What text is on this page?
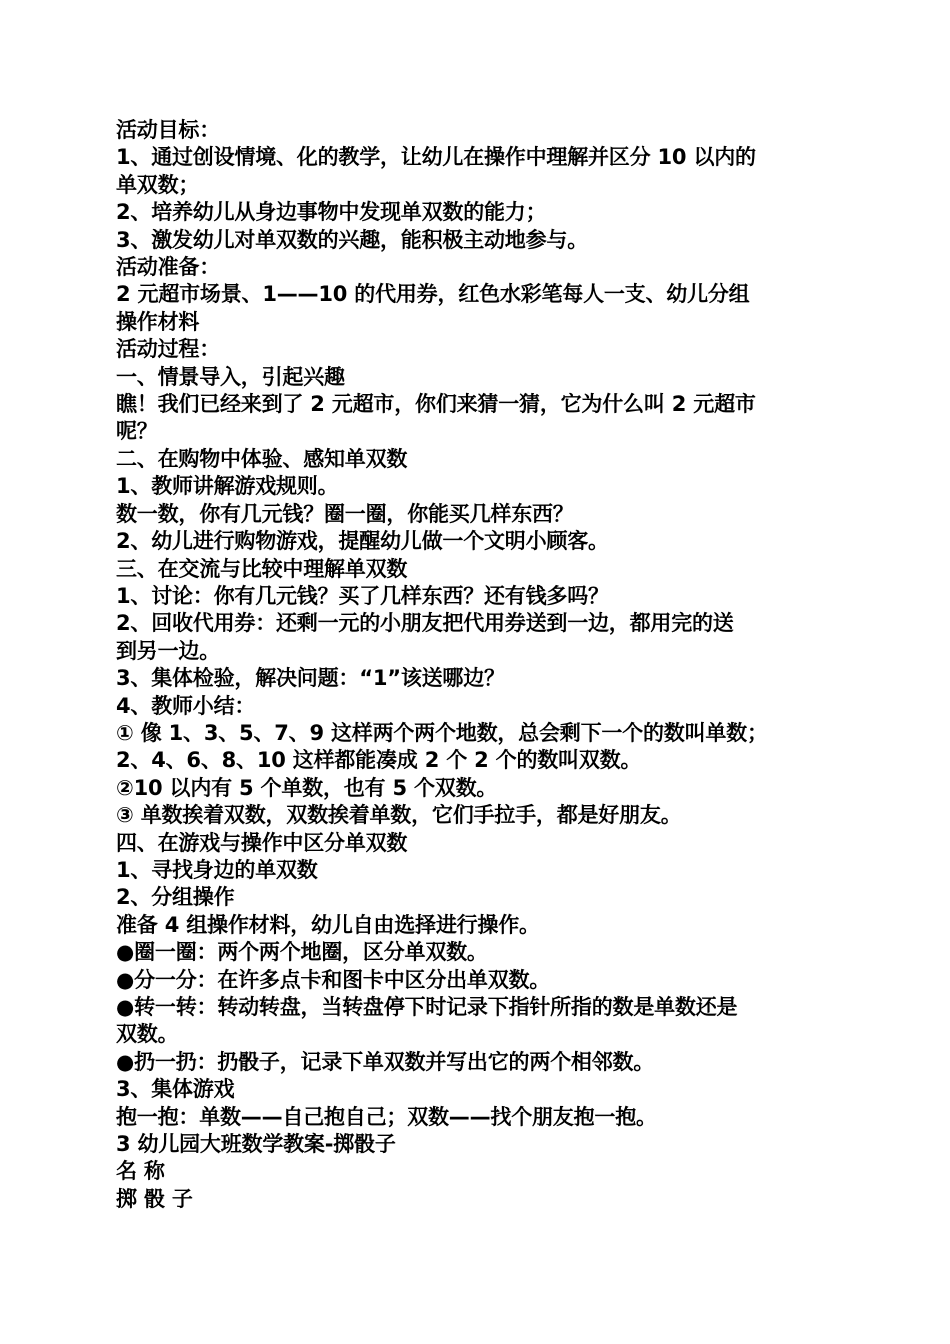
活动目标：

1、通过创设情境、化的教学，让幼儿在操作中理解并区分 10 以内的

单双数；

2、培养幼儿从身边事物中发现单双数的能力；

3、激发幼儿对单双数的兴趣，能积极主动地参与。

活动准备：

2 元超市场景、1——10 的代用券，红色水彩笔每人一支、幼儿分组

操作材料

活动过程：

一、情景导入，引起兴趣

瞧！我们已经来到了 2 元超市，你们来猜一猜，它为什么叫 2 元超市

呢？

二、在购物中体验、感知单双数

1、教师讲解游戏规则。

数一数，你有几元钱？圈一圈，你能买几样东西？

2、幼儿进行购物游戏，提醒幼儿做一个文明小顾客。

三、在交流与比较中理解单双数

1、讨论：你有几元钱？买了几样东西？还有钱多吗？

2、回收代用券：还剩一元的小朋友把代用券送到一边，都用完的送

到另一边。

3、集体检验，解决问题：“1”该送哪边？

4、教师小结：

① 像 1、3、5、7、9 这样两个两个地数，总会剩下一个的数叫单数；

2、4、6、8、10 这样都能凑成 2 个 2 个的数叫双数。

②10 以内有 5 个单数，也有 5 个双数。

③ 单数挨着双数，双数挨着单数，它们手拉手，都是好朋友。

四、在游戏与操作中区分单双数

1、寻找身边的单双数

2、分组操作

准备 4 组操作材料，幼儿自由选择进行操作。

●圈一圈：两个两个地圈，区分单双数。

●分一分：在许多点卡和图卡中区分出单双数。

●转一转：转动转盘，当转盘停下时记录下指针所指的数是单数还是

双数。

●扔一扔：扔骰子，记录下单双数并写出它的两个相邻数。

3、集体游戏

抱一抱：单数——自己抱自己；双数——找个朋友抱一抱。

3 幼儿园大班数学教案-掷骰子

名 称

掷 骰 子
